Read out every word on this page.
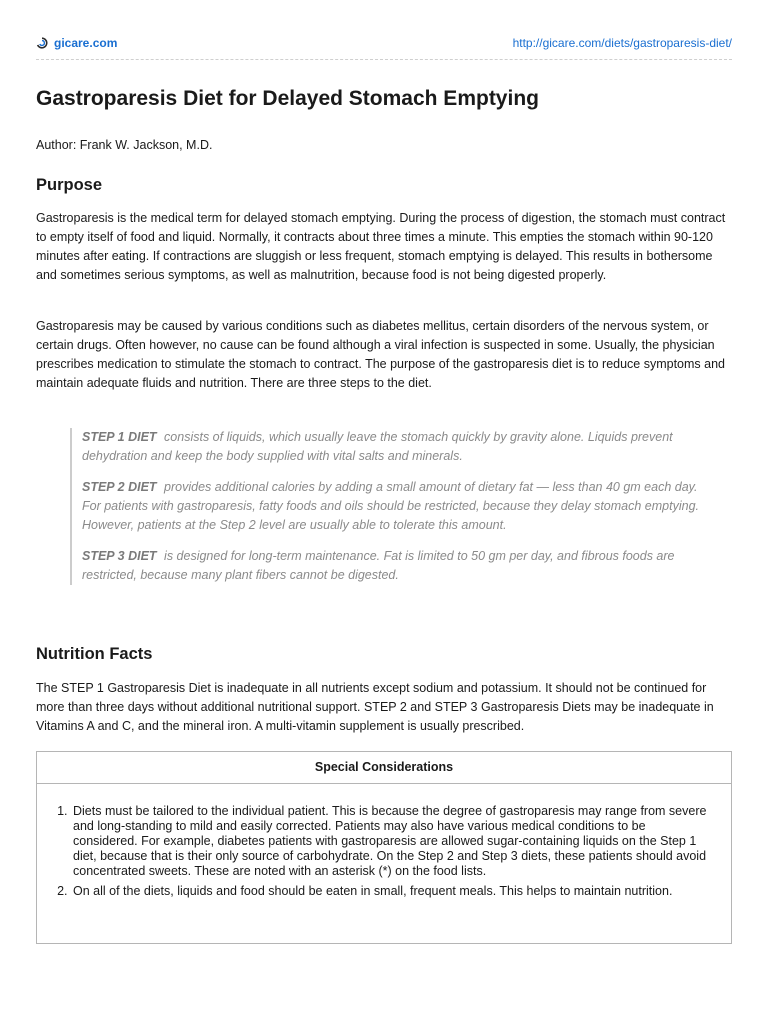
gicare.com	http://gicare.com/diets/gastroparesis-diet/
Gastroparesis Diet for Delayed Stomach Emptying
Author: Frank W. Jackson, M.D.
Purpose

Gastroparesis is the medical term for delayed stomach emptying. During the process of digestion, the stomach must contract to empty itself of food and liquid. Normally, it contracts about three times a minute. This empties the stomach within 90-120 minutes after eating. If contractions are sluggish or less frequent, stomach emptying is delayed. This results in bothersome and sometimes serious symptoms, as well as malnutrition, because food is not being digested properly.

Gastroparesis may be caused by various conditions such as diabetes mellitus, certain disorders of the nervous system, or certain drugs. Often however, no cause can be found although a viral infection is suspected in some. Usually, the physician prescribes medication to stimulate the stomach to contract. The purpose of the gastroparesis diet is to reduce symptoms and maintain adequate fluids and nutrition. There are three steps to the diet.

STEP 1 DIET consists of liquids, which usually leave the stomach quickly by gravity alone. Liquids prevent dehydration and keep the body supplied with vital salts and minerals.

STEP 2 DIET provides additional calories by adding a small amount of dietary fat — less than 40 gm each day. For patients with gastroparesis, fatty foods and oils should be restricted, because they delay stomach emptying. However, patients at the Step 2 level are usually able to tolerate this amount.

STEP 3 DIET is designed for long-term maintenance. Fat is limited to 50 gm per day, and fibrous foods are restricted, because many plant fibers cannot be digested.

Nutrition Facts

The STEP 1 Gastroparesis Diet is inadequate in all nutrients except sodium and potassium. It should not be continued for more than three days without additional nutritional support. STEP 2 and STEP 3 Gastroparesis Diets may be inadequate in Vitamins A and C, and the mineral iron. A multi-vitamin supplement is usually prescribed.

Special Considerations
1. Diets must be tailored to the individual patient. This is because the degree of gastroparesis may range from severe and long-standing to mild and easily corrected. Patients may also have various medical conditions to be considered. For example, diabetes patients with gastroparesis are allowed sugar-containing liquids on the Step 1 diet, because that is their only source of carbohydrate. On the Step 2 and Step 3 diets, these patients should avoid concentrated sweets. These are noted with an asterisk (*) on the food lists.
2. On all of the diets, liquids and food should be eaten in small, frequent meals. This helps to maintain nutrition.
